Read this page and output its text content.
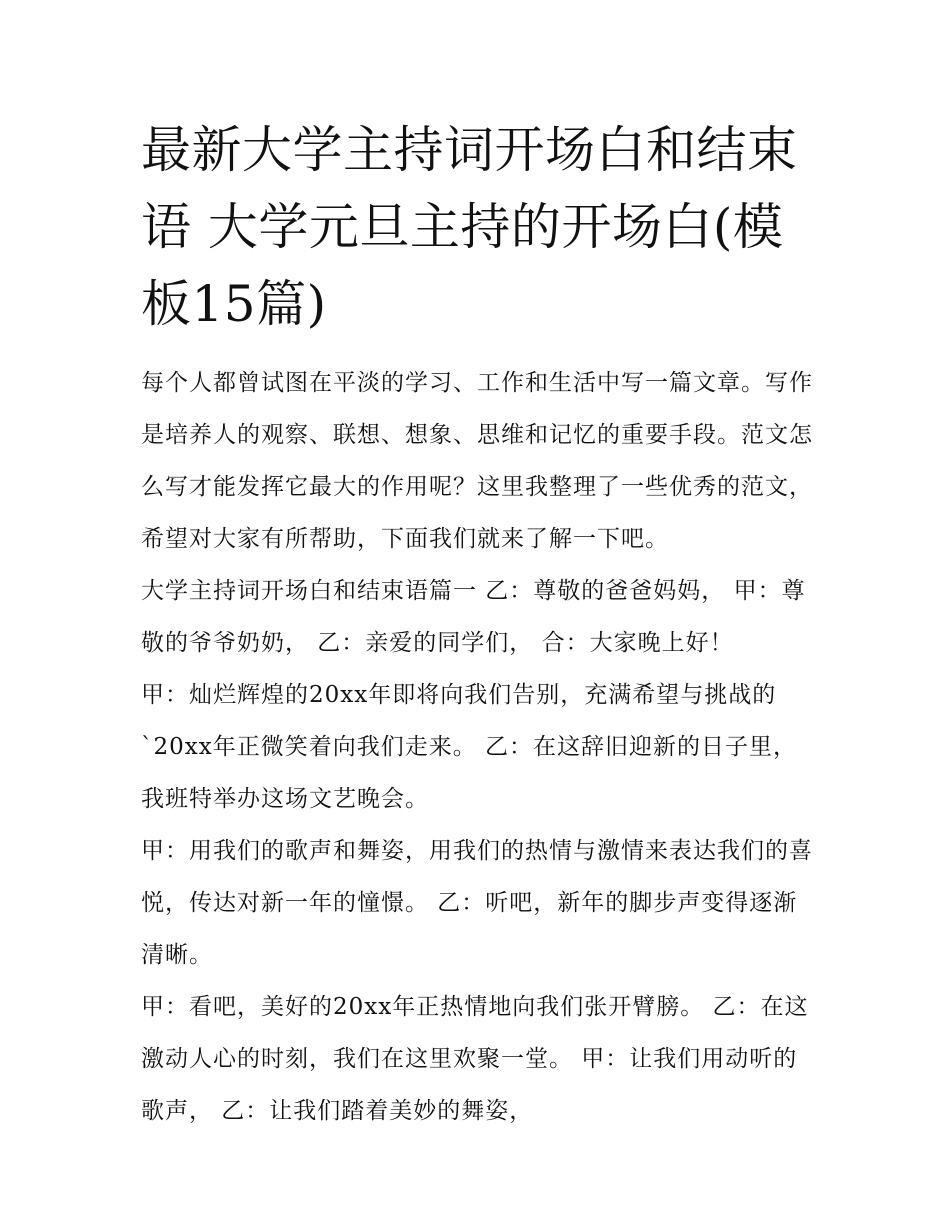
最新大学主持词开场白和结束语 大学元旦主持的开场白(模板15篇)

每个人都曾试图在平淡的学习、工作和生活中写一篇文章。写作是培养人的观察、联想、想象、思维和记忆的重要手段。范文怎么写才能发挥它最大的作用呢？这里我整理了一些优秀的范文，希望对大家有所帮助，下面我们就来了解一下吧。

大学主持词开场白和结束语篇一 乙：尊敬的爸爸妈妈， 甲：尊敬的爷爷奶奶， 乙：亲爱的同学们， 合：大家晚上好！

甲：灿烂辉煌的20xx年即将向我们告别，充满希望与挑战的`20xx年正微笑着向我们走来。 乙：在这辞旧迎新的日子里，我班特举办这场文艺晚会。

甲：用我们的歌声和舞姿，用我们的热情与激情来表达我们的喜悦，传达对新一年的憧憬。 乙：听吧，新年的脚步声变得逐渐清晰。

甲：看吧，美好的20xx年正热情地向我们张开臂膀。 乙：在这激动人心的时刻，我们在这里欢聚一堂。 甲：让我们用动听的歌声， 乙：让我们踏着美妙的舞姿，
